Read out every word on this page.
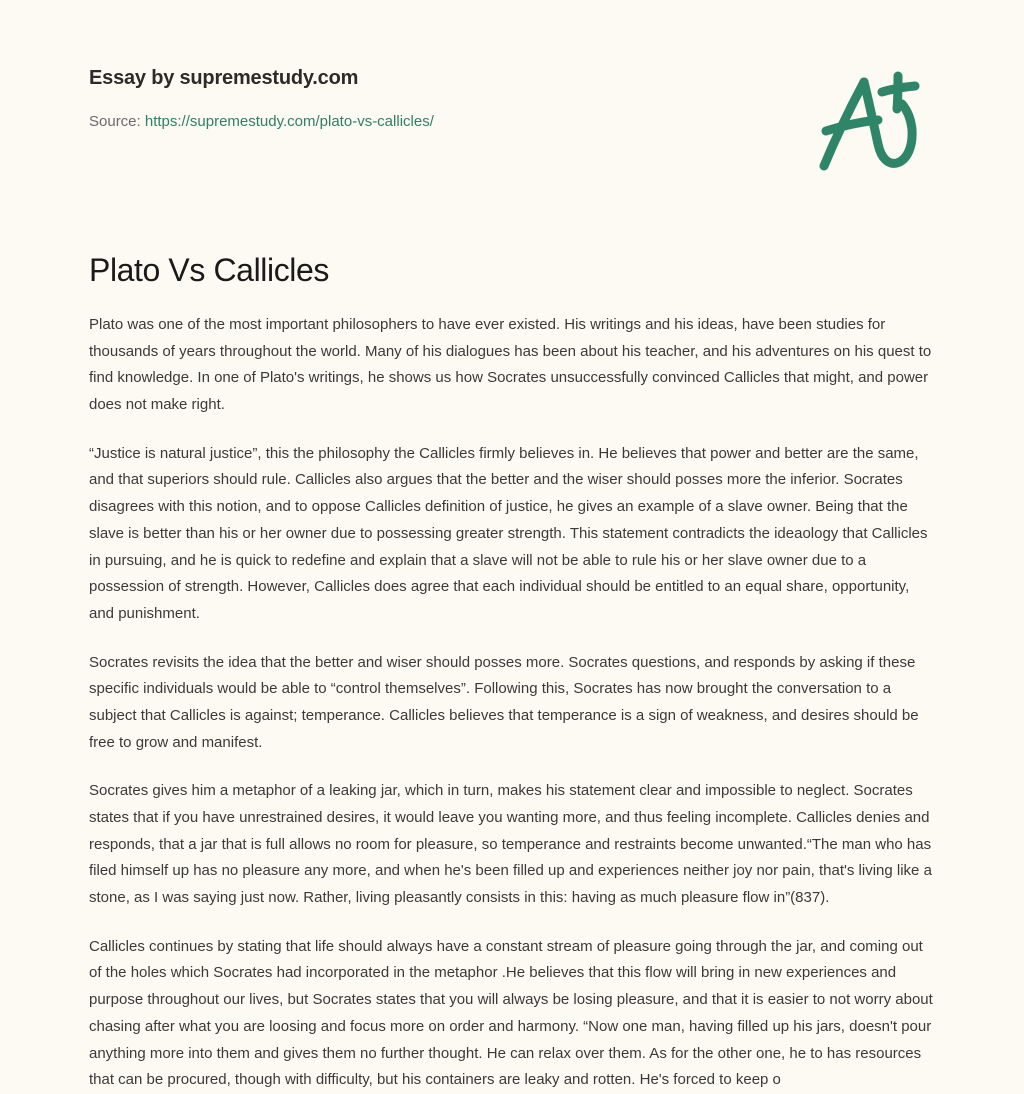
Essay by supremestudy.com
Source: https://supremestudy.com/plato-vs-callicles/
Plato Vs Callicles

Plato was one of the most important philosophers to have ever existed. His writings and his ideas, have been studies for thousands of years throughout the world. Many of his dialogues has been about his teacher, and his adventures on his quest to find knowledge. In one of Plato's writings, he shows us how Socrates unsuccessfully convinced Callicles that might, and power does not make right.

“Justice is natural justice”, this the philosophy the Callicles firmly believes in. He believes that power and better are the same, and that superiors should rule. Callicles also argues that the better and the wiser should posses more the inferior. Socrates disagrees with this notion, and to oppose Callicles definition of justice, he gives an example of a slave owner. Being that the slave is better than his or her owner due to possessing greater strength. This statement contradicts the ideaology that Callicles in pursuing, and he is quick to redefine and explain that a slave will not be able to rule his or her slave owner due to a possession of strength. However, Callicles does agree that each individual should be entitled to an equal share, opportunity, and punishment.

Socrates revisits the idea that the better and wiser should posses more. Socrates questions, and responds by asking if these specific individuals would be able to “control themselves”. Following this, Socrates has now brought the conversation to a subject that Callicles is against; temperance. Callicles believes that temperance is a sign of weakness, and desires should be free to grow and manifest.

Socrates gives him a metaphor of a leaking jar, which in turn, makes his statement clear and impossible to neglect. Socrates states that if you have unrestrained desires, it would leave you wanting more, and thus feeling incomplete. Callicles denies and responds, that a jar that is full allows no room for pleasure, so temperance and restraints become unwanted.“The man who has filed himself up has no pleasure any more, and when he's been filled up and experiences neither joy nor pain, that's living like a stone, as I was saying just now. Rather, living pleasantly consists in this: having as much pleasure flow in”(837).

Callicles continues by stating that life should always have a constant stream of pleasure going through the jar, and coming out of the holes which Socrates had incorporated in the metaphor .He believes that this flow will bring in new experiences and purpose throughout our lives, but Socrates states that you will always be losing pleasure, and that it is easier to not worry about chasing after what you are loosing and focus more on order and harmony. “Now one man, having filled up his jars, doesn't pour anything more into them and gives them no further thought. He can relax over them. As for the other one, he to has resources that can be procured, though with difficulty, but his containers are leaky and rotten. He's forced to keep o
